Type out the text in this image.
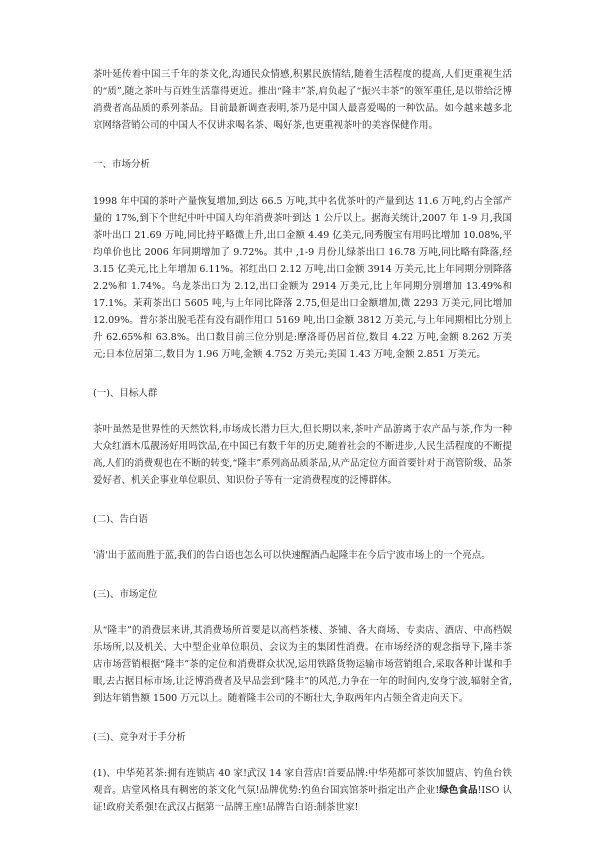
茶叶延传着中国三千年的茶文化,沟通民众情感,积累民族情结,随着生活程度的提高,人们更重视生活的“质”,随之茶叶与百姓生活靠得更近。推出“隆丰”茶,肩负起了“振兴丰茶”的领军重任,是以带给泛博消费者高品质的系列茶品。目前最新调查表明,茶乃是中国人最喜爱喝的一种饮品。如今越来越多北京网络营销公司的中国人不仅讲求喝名茶、喝好茶,也更重视茶叶的美容保健作用。

一、市场分析

1998 年中国的茶叶产量恢复增加,到达 66.5 万吨,其中名优茶叶的产量到达 11.6 万吨,约占全部产量的 17%,到下个世纪中叶中国人均年消费茶叶到达 1 公斤以上。据海关统计,2007 年 1-9 月,我国茶叶出口 21.69 万吨,同比持平略微上升,出口金额 4.49 亿美元,同秀腹宝有用吗比增加 10.08%,平均单价也比 2006 年同期增加了 9.72%。其中 ,1-9 月份儿绿茶出口 16.78 万吨,同比略有降落,经 3.15 亿美元,比上年增加 6.11%。祁红出口 2.12 万吨,出口金额 3914 万美元,比上年同期分别降落 2.2%和 1.74%。乌龙茶出口为 2.12,出口金额为 2914 万美元,比上年同期分别增加 13.49%和 17.1%。茉莉茶出口 5605 吨,与上年同比降落 2.75,但是出口金额增加,微 2293 万美元,同比增加 12.09%。普尔茶出脱毛茬有没有副作用口 5169 吨,出口金额 3812 万美元,与上年同期相比分别上升 62.65%和 63.8%。出口数目前三位分别是:摩洛哥仍居首位,数目 4.22 万吨,金额 8.262 万美元;日本位居第二,数目为 1.96 万吨,金额 4.752 万美元;美国 1.43 万吨,金额 2.851 万美元。

(一)、目标人群

茶叶虽然是世界性的天然饮料,市场成长潜力巨大,但长期以来,茶叶产品游离于农产品与茶,作为一种大众红酒木瓜靓汤好用吗饮品,在中国已有数千年的历史,随着社会的不断进步,人民生活程度的不断提高,人们的消费观也在不断的转变,“隆丰”系列高品质茶品,从产品定位方面首要针对于高管阶级、品茶爱好者、机关企事业单位职员、知识份子等有一定消费程度的泛博群体。

(二)、告白语

'清'出于蓝而胜于蓝,我们的告白语也怎么可以快速醒酒凸起隆丰在今后宁波市场上的一个亮点。

(三)、市场定位

从“隆丰”的消费层来讲,其消费场所首要是以高档茶楼、茶铺、各大商场、专卖店、酒店、中高档娱乐场所,以及机关、大中型企业单位职员、会议为主的集团性消费。在市场经济的观念指导下,隆丰茶店市场营销根据“隆丰”茶的定位和消费群众状况,运用铁路货物运输市场营销组合,采取各种计谋和手眼,去占据目标市场,让泛博消费者及早品尝到“隆丰”的风范,力争在一年的时间内,安身宁波,辐射全省,到达年销售额 1500 万元以上。随着隆丰公司的不断壮大,争取两年内占领全省走向天下。

(三)、竞争对于手分析

(1)、中华苑茗茶:拥有连锁店 40 家!武汉 14 家自营店!首要品牌:中华苑都可茶饮加盟店、钓鱼台铁观音。店堂风格具有稠密的茶文化气氛!品牌优势:钓鱼台国宾馆茶叶指定出产企业!绿色食品!ISO 认证!政府关系强!在武汉占据第一品牌王座!品牌告白语:制茶世家!
